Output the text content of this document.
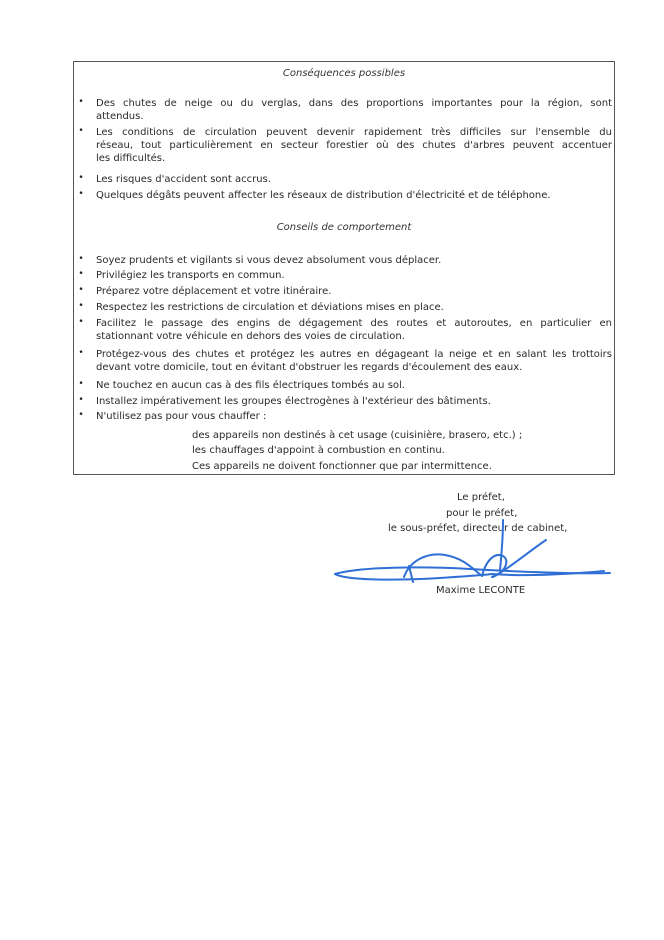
Conséquences possibles
•	Des chutes de neige ou du verglas, dans des proportions importantes pour la région, sont
attendus.
•	Les conditions de circulation peuvent devenir rapidement très difficiles sur l'ensemble du
réseau, tout particulièrement en secteur forestier où des chutes d'arbres peuvent accentuer
les difficultés.
•	Les risques d'accident sont accrus.
•	Quelques dégâts peuvent affecter les réseaux de distribution d'électricité et de téléphone.
Conseils de comportement
•	Soyez prudents et vigilants si vous devez absolument vous déplacer.
•	Privilégiez les transports en commun.
•	Préparez votre déplacement et votre itinéraire.
•	Respectez les restrictions de circulation et déviations mises en place.
•	Facilitez le passage des engins de dégagement des routes et autoroutes, en particulier en
stationnant votre véhicule en dehors des voies de circulation.
•	Protégez-vous des chutes et protégez les autres en dégageant la neige et en salant les trottoirs
devant votre domicile, tout en évitant d'obstruer les regards d'écoulement des eaux.
•	Ne touchez en aucun cas à des fils électriques tombés au sol.
•	Installez impérativement les groupes électrogènes à l'extérieur des bâtiments.
•	N'utilisez pas pour vous chauffer :
des appareils non destinés à cet usage (cuisinière, brasero, etc.) ;
les chauffages d'appoint à combustion en continu.
Ces appareils ne doivent fonctionner que par intermittence.
Le préfet,
pour le préfet,
le sous-préfet, directeur de cabinet,
Maxime LECONTE
